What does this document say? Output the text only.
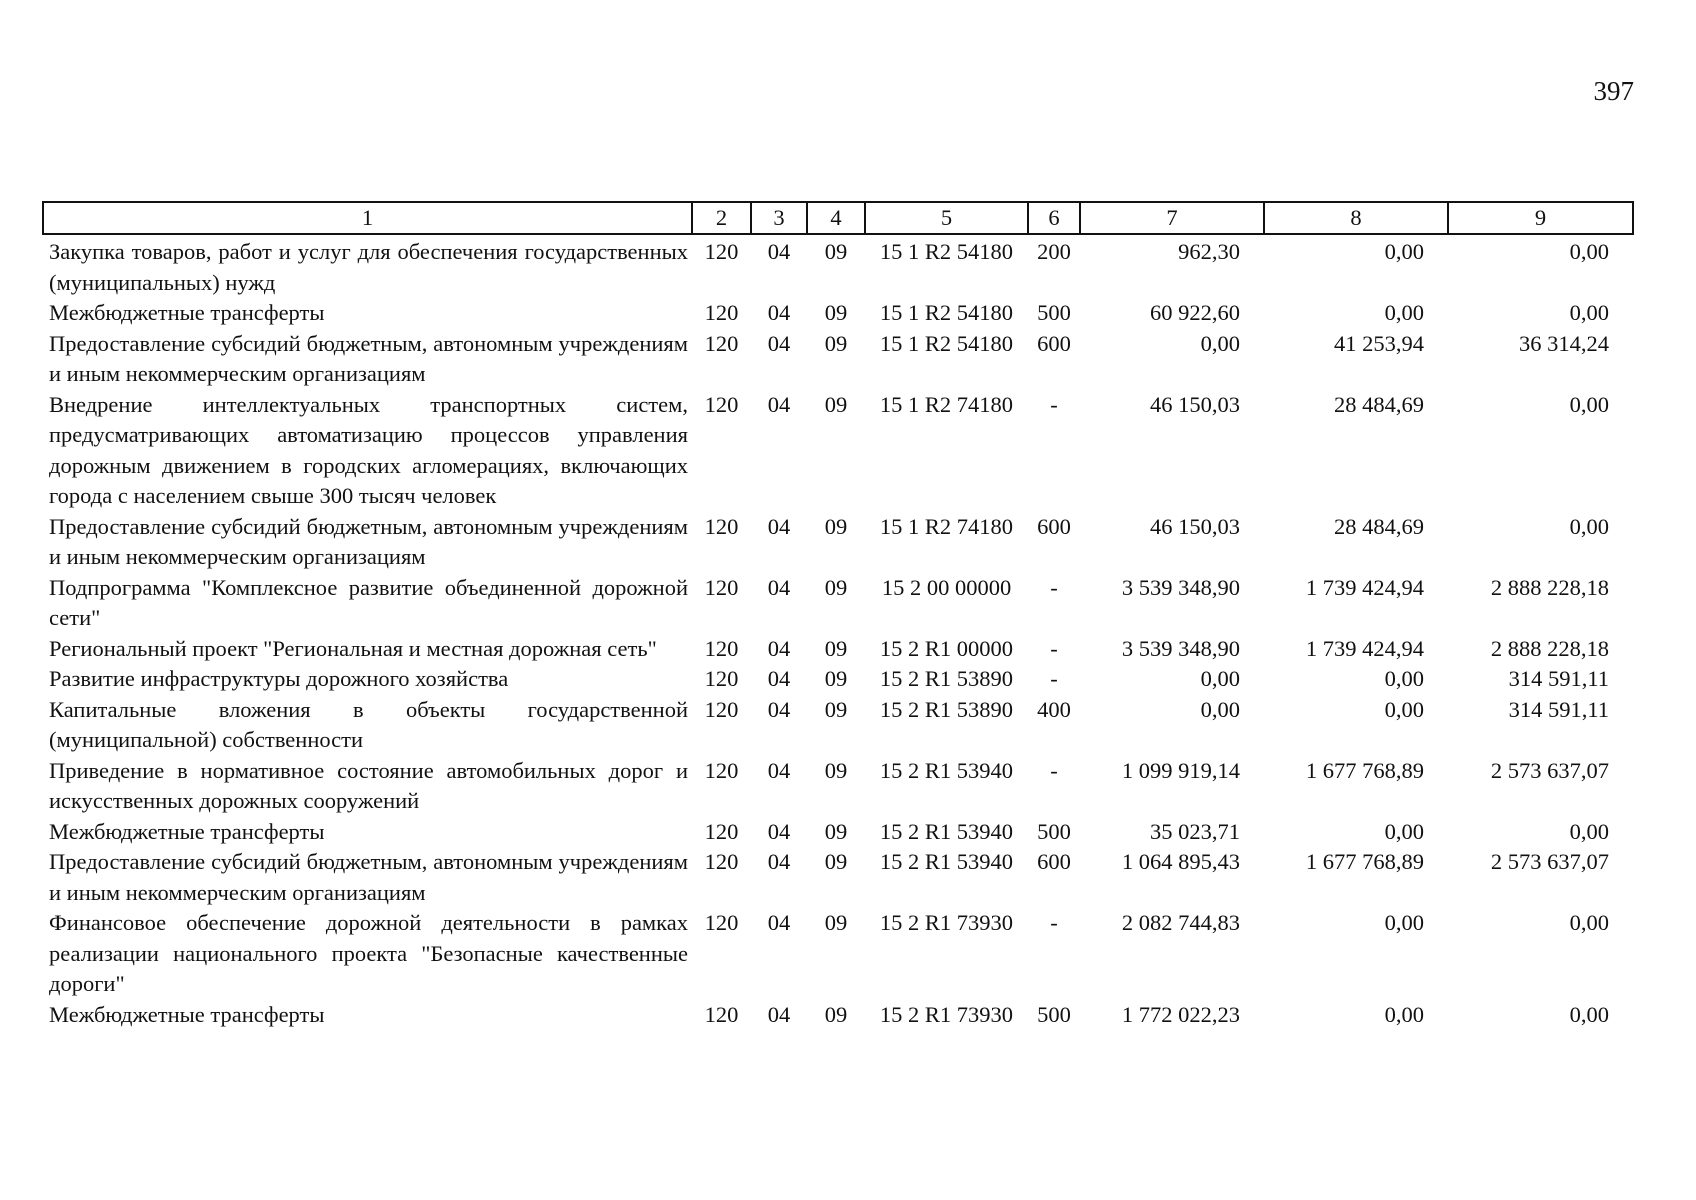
397
1	2	3	4	5	6	7	8	9
Закупка товаров, работ и услуг для обеспечения государственных (муниципальных) нужд	120	04	09	15 1 R2 54180	200	962,30	0,00	0,00
Межбюджетные трансферты	120	04	09	15 1 R2 54180	500	60 922,60	0,00	0,00
Предоставление субсидий бюджетным, автономным учреждениям и иным некоммерческим организациям	120	04	09	15 1 R2 54180	600	0,00	41 253,94	36 314,24
Внедрение интеллектуальных транспортных систем, предусматривающих автоматизацию процессов управления дорожным движением в городских агломерациях, включающих города с населением свыше 300 тысяч человек	120	04	09	15 1 R2 74180	-	46 150,03	28 484,69	0,00
Предоставление субсидий бюджетным, автономным учреждениям и иным некоммерческим организациям	120	04	09	15 1 R2 74180	600	46 150,03	28 484,69	0,00
Подпрограмма "Комплексное развитие объединенной дорожной сети"	120	04	09	15 2 00 00000	-	3 539 348,90	1 739 424,94	2 888 228,18
Региональный проект "Региональная и местная дорожная сеть"	120	04	09	15 2 R1 00000	-	3 539 348,90	1 739 424,94	2 888 228,18
Развитие инфраструктуры дорожного хозяйства	120	04	09	15 2 R1 53890	-	0,00	0,00	314 591,11
Капитальные вложения в объекты государственной (муниципальной) собственности	120	04	09	15 2 R1 53890	400	0,00	0,00	314 591,11
Приведение в нормативное состояние автомобильных дорог и искусственных дорожных сооружений	120	04	09	15 2 R1 53940	-	1 099 919,14	1 677 768,89	2 573 637,07
Межбюджетные трансферты	120	04	09	15 2 R1 53940	500	35 023,71	0,00	0,00
Предоставление субсидий бюджетным, автономным учреждениям и иным некоммерческим организациям	120	04	09	15 2 R1 53940	600	1 064 895,43	1 677 768,89	2 573 637,07
Финансовое обеспечение дорожной деятельности в рамках реализации национального проекта "Безопасные качественные дороги"	120	04	09	15 2 R1 73930	-	2 082 744,83	0,00	0,00
Межбюджетные трансферты	120	04	09	15 2 R1 73930	500	1 772 022,23	0,00	0,00
